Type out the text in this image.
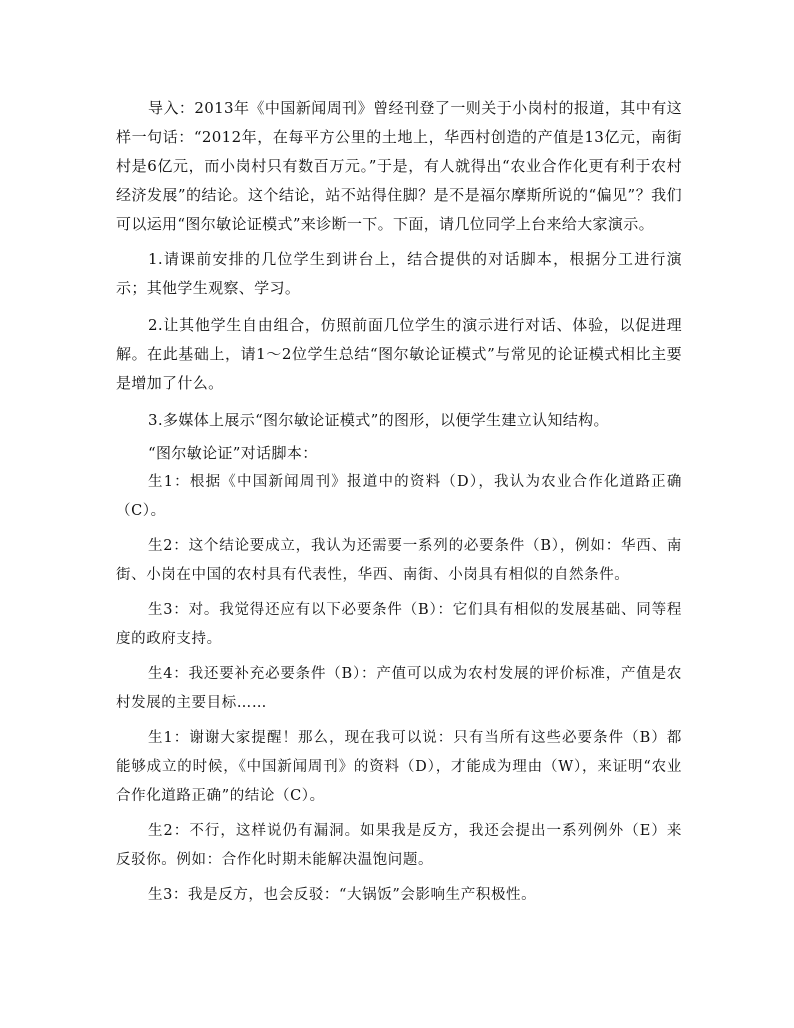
导入：2013年《中国新闻周刊》曾经刊登了一则关于小岗村的报道，其中有这样一句话：“2012年，在每平方公里的土地上，华西村创造的产值是13亿元，南街村是6亿元，而小岗村只有数百万元。”于是，有人就得出“农业合作化更有利于农村经济发展”的结论。这个结论，站不站得住脚？是不是福尔摩斯所说的“偏见”？我们可以运用“图尔敏论证模式”来诊断一下。下面，请几位同学上台来给大家演示。

1.请课前安排的几位学生到讲台上，结合提供的对话脚本，根据分工进行演示；其他学生观察、学习。

2.让其他学生自由组合，仿照前面几位学生的演示进行对话、体验，以促进理解。在此基础上，请1～2位学生总结“图尔敏论证模式”与常见的论证模式相比主要是增加了什么。

3.多媒体上展示“图尔敏论证模式”的图形，以便学生建立认知结构。

“图尔敏论证”对话脚本：

生1：根据《中国新闻周刊》报道中的资料（D），我认为农业合作化道路正确（C）。

生2：这个结论要成立，我认为还需要一系列的必要条件（B），例如：华西、南街、小岗在中国的农村具有代表性，华西、南街、小岗具有相似的自然条件。

生3：对。我觉得还应有以下必要条件（B）：它们具有相似的发展基础、同等程度的政府支持。

生4：我还要补充必要条件（B）：产值可以成为农村发展的评价标准，产值是农村发展的主要目标……

生1：谢谢大家提醒！那么，现在我可以说：只有当所有这些必要条件（B）都能够成立的时候，《中国新闻周刊》的资料（D），才能成为理由（W），来证明“农业合作化道路正确”的结论（C）。

生2：不行，这样说仍有漏洞。如果我是反方，我还会提出一系列例外（E）来反驳你。例如：合作化时期未能解决温饱问题。

生3：我是反方，也会反驳：“大锅饭”会影响生产积极性。
